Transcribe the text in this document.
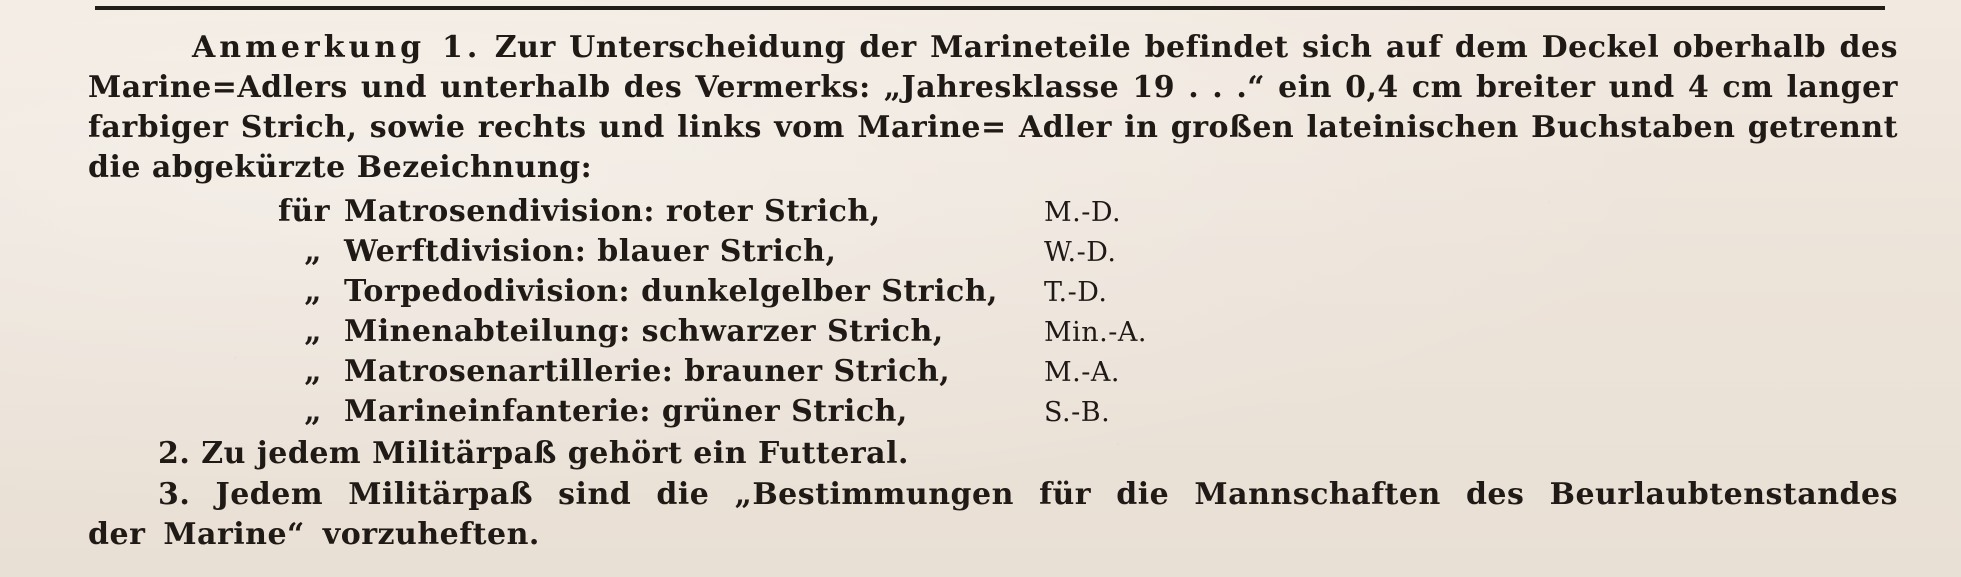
Anmerkung 1. Zur Unterscheidung der Marineteile befindet sich auf dem Deckel oberhalb des Marine=Adlers und unterhalb des Vermerks: „Jahresklasse 19 . . .“ ein 0,4 cm breiter und 4 cm langer farbiger Strich, sowie rechts und links vom Marine= Adler in großen lateinischen Buchstaben getrennt die abgekürzte Bezeichnung:
für Matrosendivision: roter Strich,	M.-D.
„ Werftdivision: blauer Strich,	W.-D.
„ Torpedodivision: dunkelgelber Strich,	T.-D.
„ Minenabteilung: schwarzer Strich,	Min.-A.
„ Matrosenartillerie: brauner Strich,	M.-A.
„ Marineinfanterie: grüner Strich,	S.-B.
2. Zu jedem Militärpaß gehört ein Futteral.
3. Jedem Militärpaß sind die „Bestimmungen für die Mannschaften des Beurlaubtenstandes der Marine“ vorzuheften.
